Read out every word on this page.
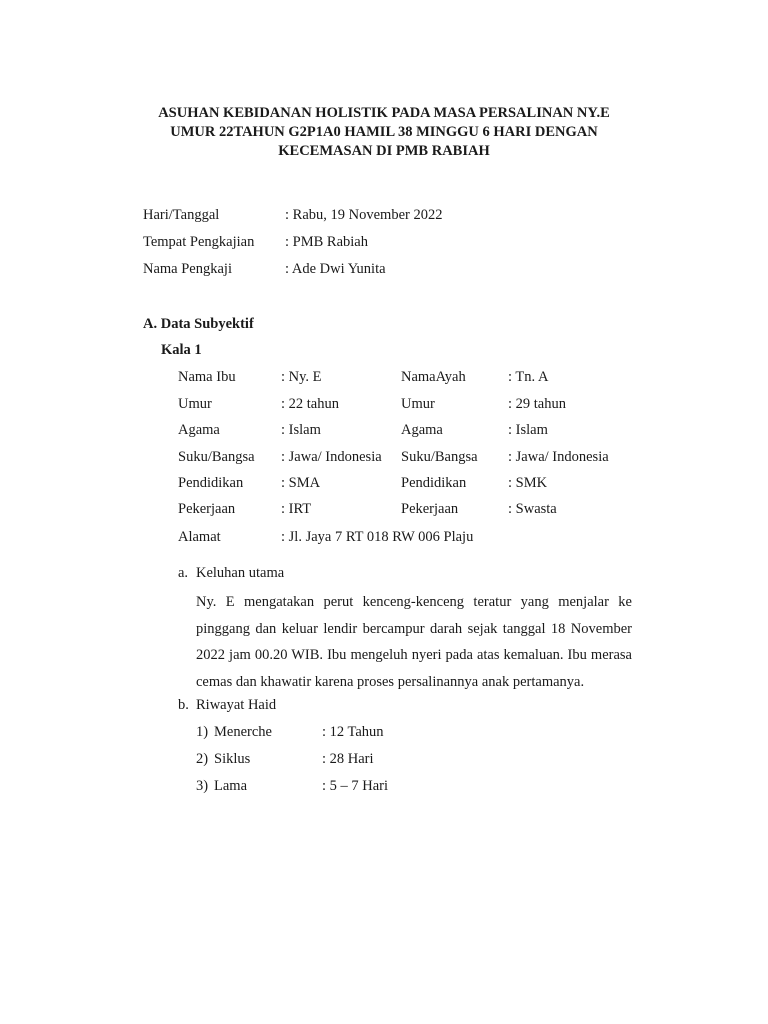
ASUHAN KEBIDANAN HOLISTIK PADA MASA PERSALINAN NY.E
UMUR 22TAHUN G2P1A0 HAMIL 38 MINGGU 6 HARI DENGAN
KECEMASAN DI PMB RABIAH
Hari/Tanggal	: Rabu, 19 November 2022
Tempat Pengkajian : PMB Rabiah
Nama Pengkaji	: Ade Dwi Yunita
A. Data Subyektif
Kala 1
Nama Ibu	: Ny. E	NamaAyah	: Tn. A
Umur	: 22 tahun	Umur	: 29 tahun
Agama	: Islam	Agama	: Islam
Suku/Bangsa : Jawa/ Indonesia Suku/Bangsa : Jawa/ Indonesia
Pendidikan	: SMA	Pendidikan	: SMK
Pekerjaan	: IRT	Pekerjaan	: Swasta
Alamat	: Jl. Jaya 7 RT 018 RW 006 Plaju
a. Keluhan utama
Ny. E mengatakan perut kenceng-kenceng teratur yang menjalar ke pinggang dan keluar lendir bercampur darah sejak tanggal 18 November 2022 jam 00.20 WIB. Ibu mengeluh nyeri pada atas kemaluan. Ibu merasa cemas dan khawatir karena proses persalinannya anak pertamanya.
b. Riwayat Haid
1) Menerche	: 12 Tahun
2) Siklus	: 28 Hari
3) Lama	: 5 – 7 Hari
